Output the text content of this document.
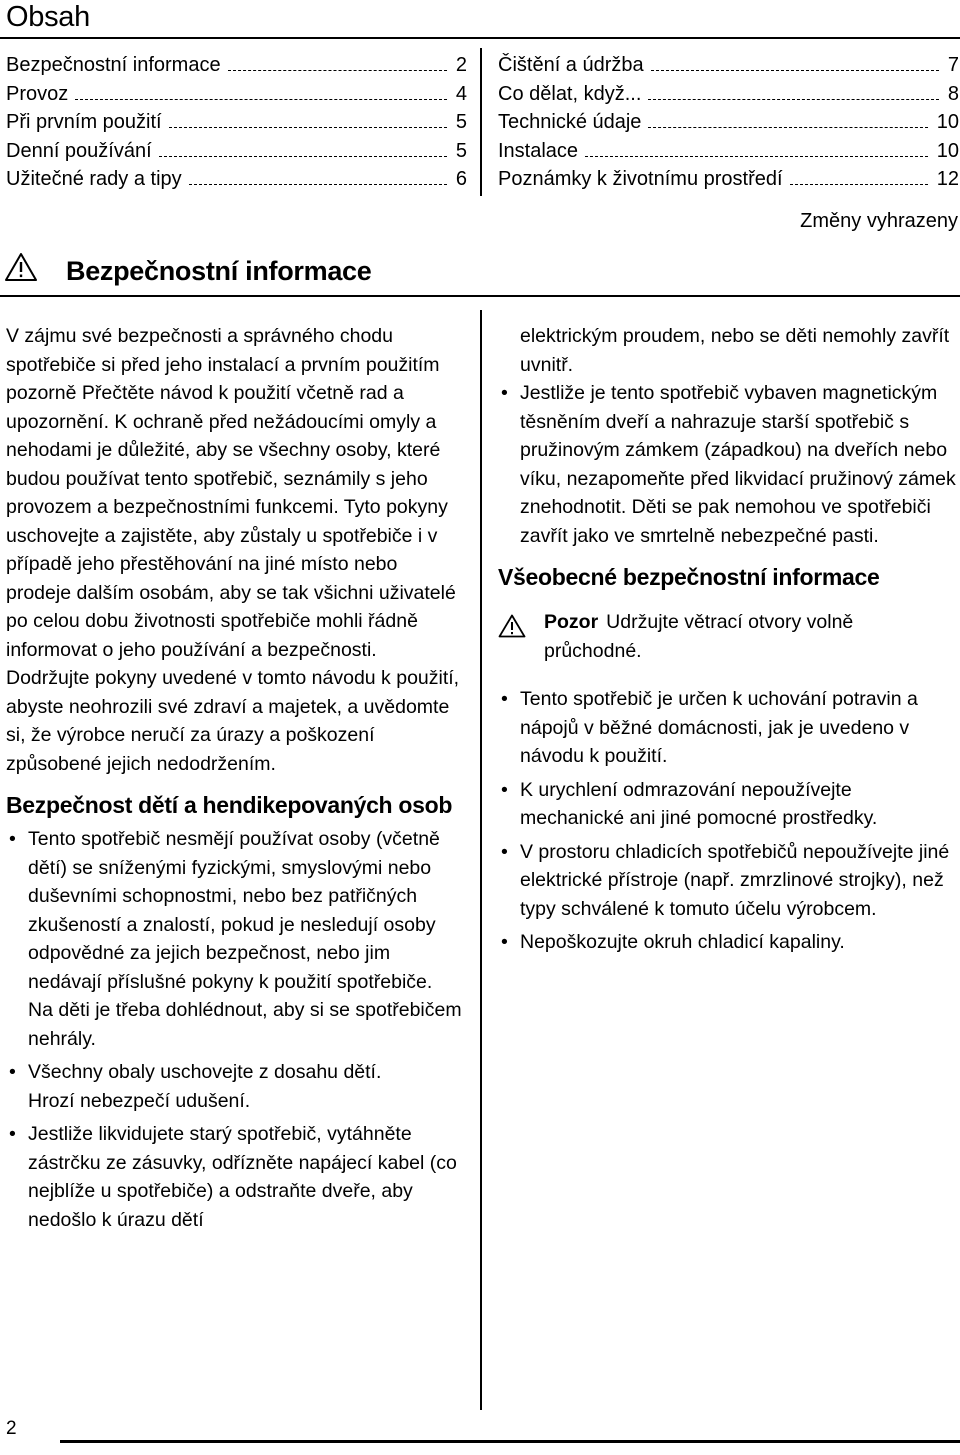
Obsah
Bezpečnostní informace	2
Provoz	4
Při prvním použití	5
Denní používání	5
Užitečné rady a tipy	6
Čištění a údržba	7
Co dělat, když...	8
Technické údaje	10
Instalace	10
Poznámky k životnímu prostředí	12
Změny vyhrazeny
Bezpečnostní informace

V zájmu své bezpečnosti a správného chodu spotřebiče si před jeho instalací a prvním použitím pozorně Přečtěte návod k použití včetně rad a upozornění. K ochraně před nežádoucími omyly a nehodami je důležité, aby se všechny osoby, které budou používat tento spotřebič, seznámily s jeho provozem a bezpečnostními funkcemi. Tyto pokyny uschovejte a zajistěte, aby zůstaly u spotřebiče i v případě jeho přestěhování na jiné místo nebo prodeje dalším osobám, aby se tak všichni uživatelé po celou dobu životnosti spotřebiče mohli řádně informovat o jeho používání a bezpečnosti.

Dodržujte pokyny uvedené v tomto návodu k použití, abyste neohrozili své zdraví a majetek, a uvědomte si, že výrobce neručí za úrazy a poškození způsobené jejich nedodržením.

Bezpečnost dětí a hendikepovaných osob
• Tento spotřebič nesmějí používat osoby (včetně dětí) se sníženými fyzickými, smyslovými nebo duševními schopnostmi, nebo bez patřičných zkušeností a znalostí, pokud je nesledují osoby odpovědné za jejich bezpečnost, nebo jim nedávají příslušné pokyny k použití spotřebiče.
Na děti je třeba dohlédnout, aby si se spotřebičem nehrály.
• Všechny obaly uschovejte z dosahu dětí.
Hrozí nebezpečí udušení.
• Jestliže likvidujete starý spotřebič, vytáhněte zástrčku ze zásuvky, odřízněte napájecí kabel (co nejblíže u spotřebiče) a odstraňte dveře, aby nedošlo k úrazu dětí

elektrickým proudem, nebo se děti nemohly zavřít uvnitř.

• Jestliže je tento spotřebič vybaven magnetickým těsněním dveří a nahrazuje starší spotřebič s pružinovým zámkem (západkou) na dveřích nebo víku, nezapomeňte před likvidací pružinový zámek znehodnotit. Děti se pak nemohou ve spotřebiči zavřít jako ve smrtelně nebezpečné pasti.
Všeobecné bezpečnostní informace
Pozor Udržujte větrací otvory volně průchodné.
• Tento spotřebič je určen k uchování potravin a nápojů v běžné domácnosti, jak je uvedeno v návodu k použití.
• K urychlení odmrazování nepoužívejte mechanické ani jiné pomocné prostředky.
• V prostoru chladicích spotřebičů nepoužívejte jiné elektrické přístroje (např. zmrzlinové strojky), než typy schválené k tomuto účelu výrobcem.
• Nepoškozujte okruh chladicí kapaliny.
2
